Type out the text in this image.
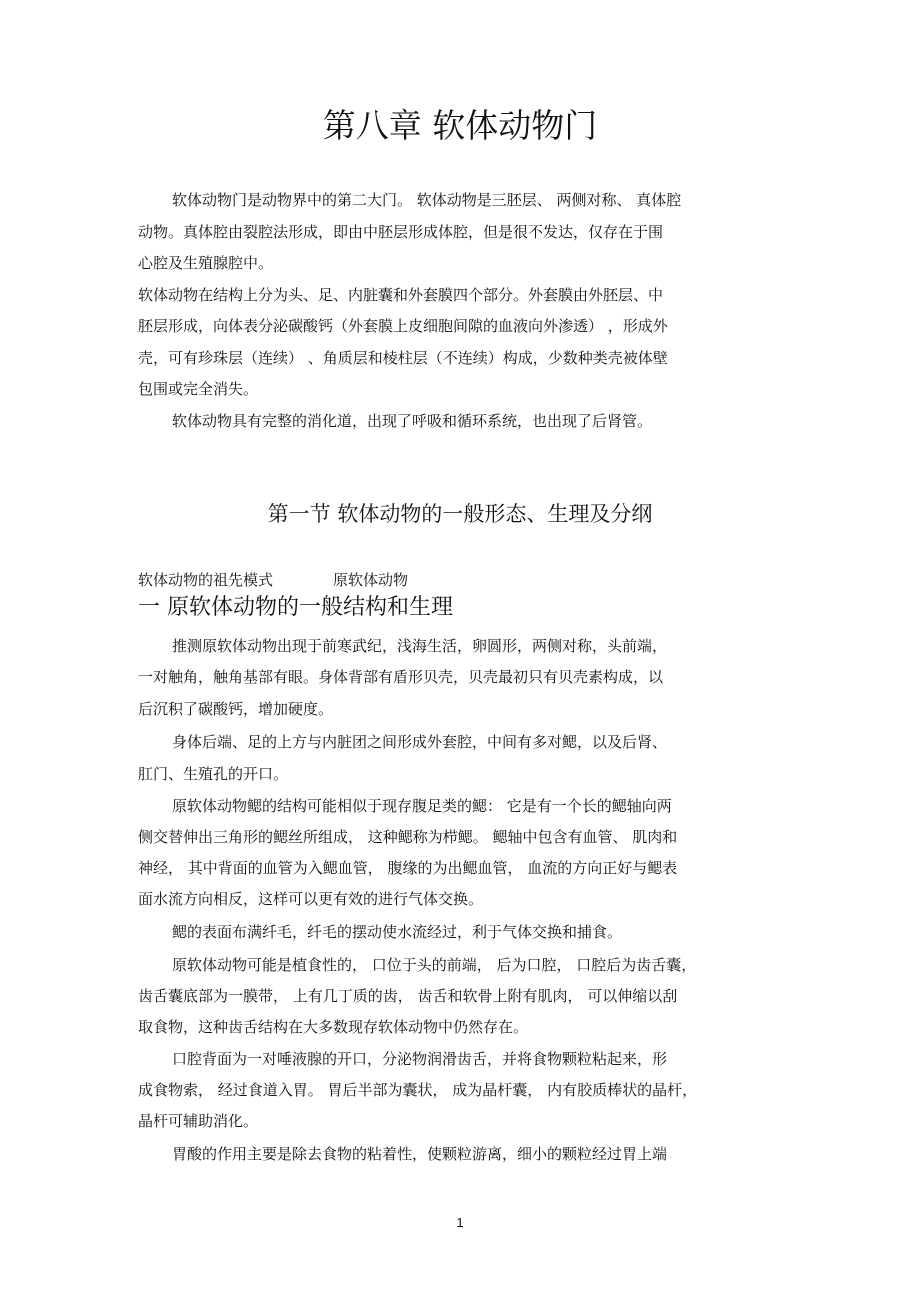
第八章 软体动物门
软体动物门是动物界中的第二大门。 软体动物是三胚层、 两侧对称、 真体腔
动物。真体腔由裂腔法形成，即由中胚层形成体腔，但是很不发达，仅存在于围
心腔及生殖腺腔中。
软体动物在结构上分为头、足、内脏囊和外套膜四个部分。外套膜由外胚层、中
胚层形成，向体表分泌碳酸钙（外套膜上皮细胞间隙的血液向外渗透） ，形成外
壳，可有珍珠层（连续） 、角质层和棱柱层（不连续）构成，少数种类壳被体壁
包围或完全消失。
软体动物具有完整的消化道，出现了呼吸和循环系统，也出现了后肾管。
第一节 软体动物的一般形态、生理及分纲
软体动物的祖先模式	原软体动物
一 原软体动物的一般结构和生理
推测原软体动物出现于前寒武纪，浅海生活，卵圆形，两侧对称，头前端，
一对触角，触角基部有眼。身体背部有盾形贝壳，贝壳最初只有贝壳素构成，以
后沉积了碳酸钙，增加硬度。
身体后端、足的上方与内脏团之间形成外套腔，中间有多对鳃，以及后肾、
肛门、生殖孔的开口。
原软体动物鳃的结构可能相似于现存腹足类的鳃： 它是有一个长的鳃轴向两
侧交替伸出三角形的鳃丝所组成， 这种鳃称为栉鳃。 鳃轴中包含有血管、 肌肉和
神经， 其中背面的血管为入鳃血管， 腹缘的为出鳃血管， 血流的方向正好与鳃表
面水流方向相反，这样可以更有效的进行气体交换。
鳃的表面布满纤毛，纤毛的摆动使水流经过，利于气体交换和捕食。
原软体动物可能是植食性的， 口位于头的前端， 后为口腔， 口腔后为齿舌囊，
齿舌囊底部为一膜带， 上有几丁质的齿， 齿舌和软骨上附有肌肉， 可以伸缩以刮
取食物，这种齿舌结构在大多数现存软体动物中仍然存在。
口腔背面为一对唾液腺的开口，分泌物润滑齿舌，并将食物颗粒粘起来，形
成食物索， 经过食道入胃。 胃后半部为囊状， 成为晶杆囊， 内有胶质棒状的晶杆，
晶杆可辅助消化。
胃酸的作用主要是除去食物的粘着性，使颗粒游离，细小的颗粒经过胃上端
1
